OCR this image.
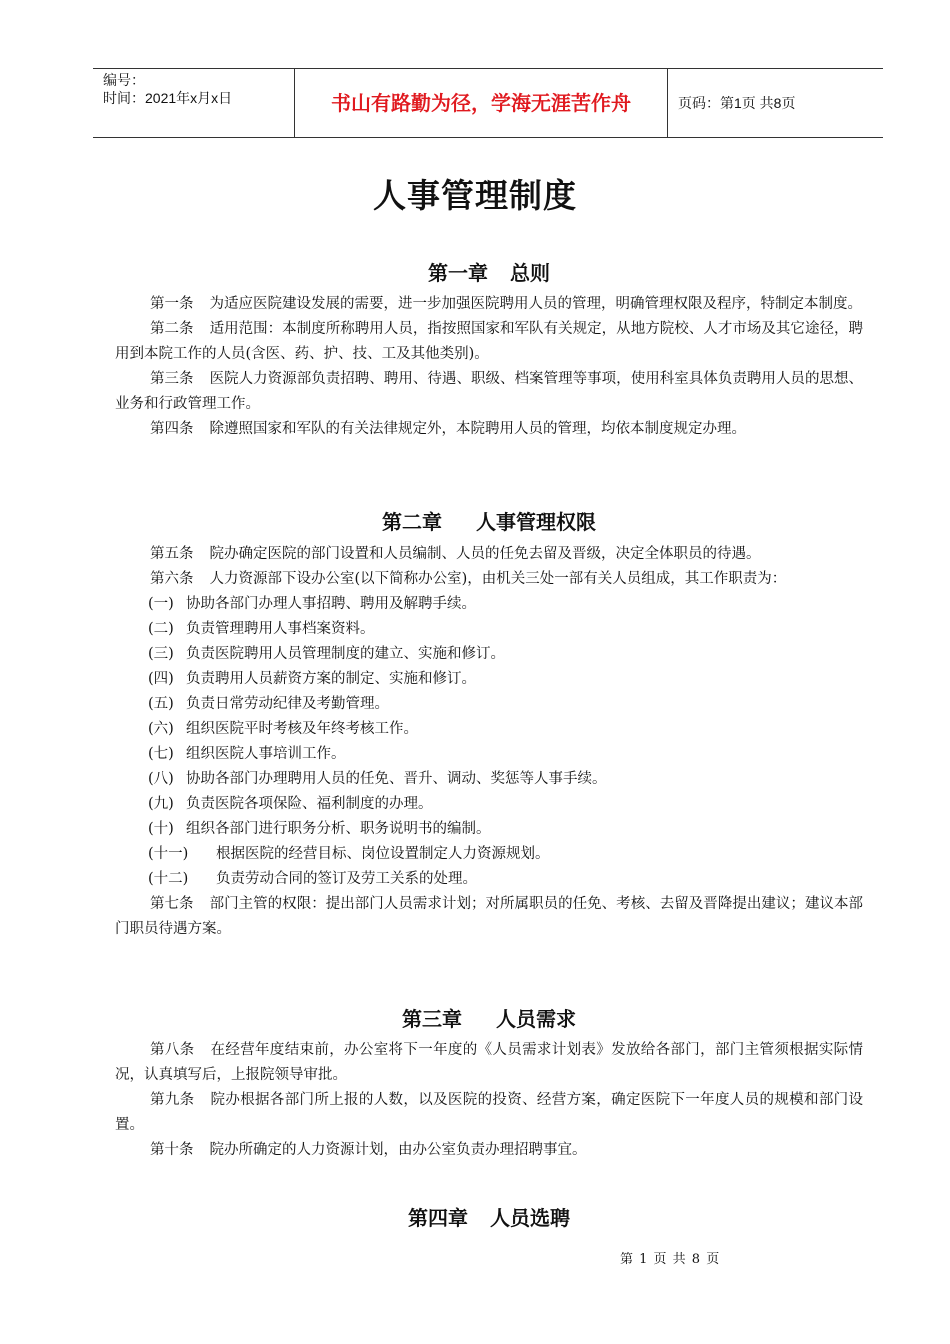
编号：
时间：2021年x月x日	书山有路勤为径，学海无涯苦作舟	页码：第1页 共8页
人事管理制度
第一章 总则

第一条 为适应医院建设发展的需要，进一步加强医院聘用人员的管理，明确管理权限及程序，特制定本制度。

第二条 适用范围：本制度所称聘用人员，指按照国家和军队有关规定，从地方院校、人才市场及其它途径，聘用到本院工作的人员(含医、药、护、技、工及其他类别)。

第三条 医院人力资源部负责招聘、聘用、待遇、职级、档案管理等事项，使用科室具体负责聘用人员的思想、业务和行政管理工作。

第四条 除遵照国家和军队的有关法律规定外，本院聘用人员的管理，均依本制度规定办理。

第二章 人事管理权限

第五条 院办确定医院的部门设置和人员编制、人员的任免去留及晋级，决定全体职员的待遇。

第六条 人力资源部下设办公室(以下简称办公室)，由机关三处一部有关人员组成，其工作职责为：

(一) 协助各部门办理人事招聘、聘用及解聘手续。

(二) 负责管理聘用人事档案资料。

(三) 负责医院聘用人员管理制度的建立、实施和修订。

(四) 负责聘用人员薪资方案的制定、实施和修订。

(五) 负责日常劳动纪律及考勤管理。

(六) 组织医院平时考核及年终考核工作。

(七) 组织医院人事培训工作。

(八) 协助各部门办理聘用人员的任免、晋升、调动、奖惩等人事手续。

(九) 负责医院各项保险、福利制度的办理。

(十) 组织各部门进行职务分析、职务说明书的编制。

(十一) 根据医院的经营目标、岗位设置制定人力资源规划。

(十二) 负责劳动合同的签订及劳工关系的处理。

第七条 部门主管的权限：提出部门人员需求计划；对所属职员的任免、考核、去留及晋降提出建议；建议本部门职员待遇方案。

第三章 人员需求

第八条 在经营年度结束前，办公室将下一年度的《人员需求计划表》发放给各部门，部门主管须根据实际情况，认真填写后，上报院领导审批。

第九条 院办根据各部门所上报的人数，以及医院的投资、经营方案，确定医院下一年度人员的规模和部门设置。

第十条 院办所确定的人力资源计划，由办公室负责办理招聘事宜。

第四章 人员选聘
第 1 页 共 8 页
